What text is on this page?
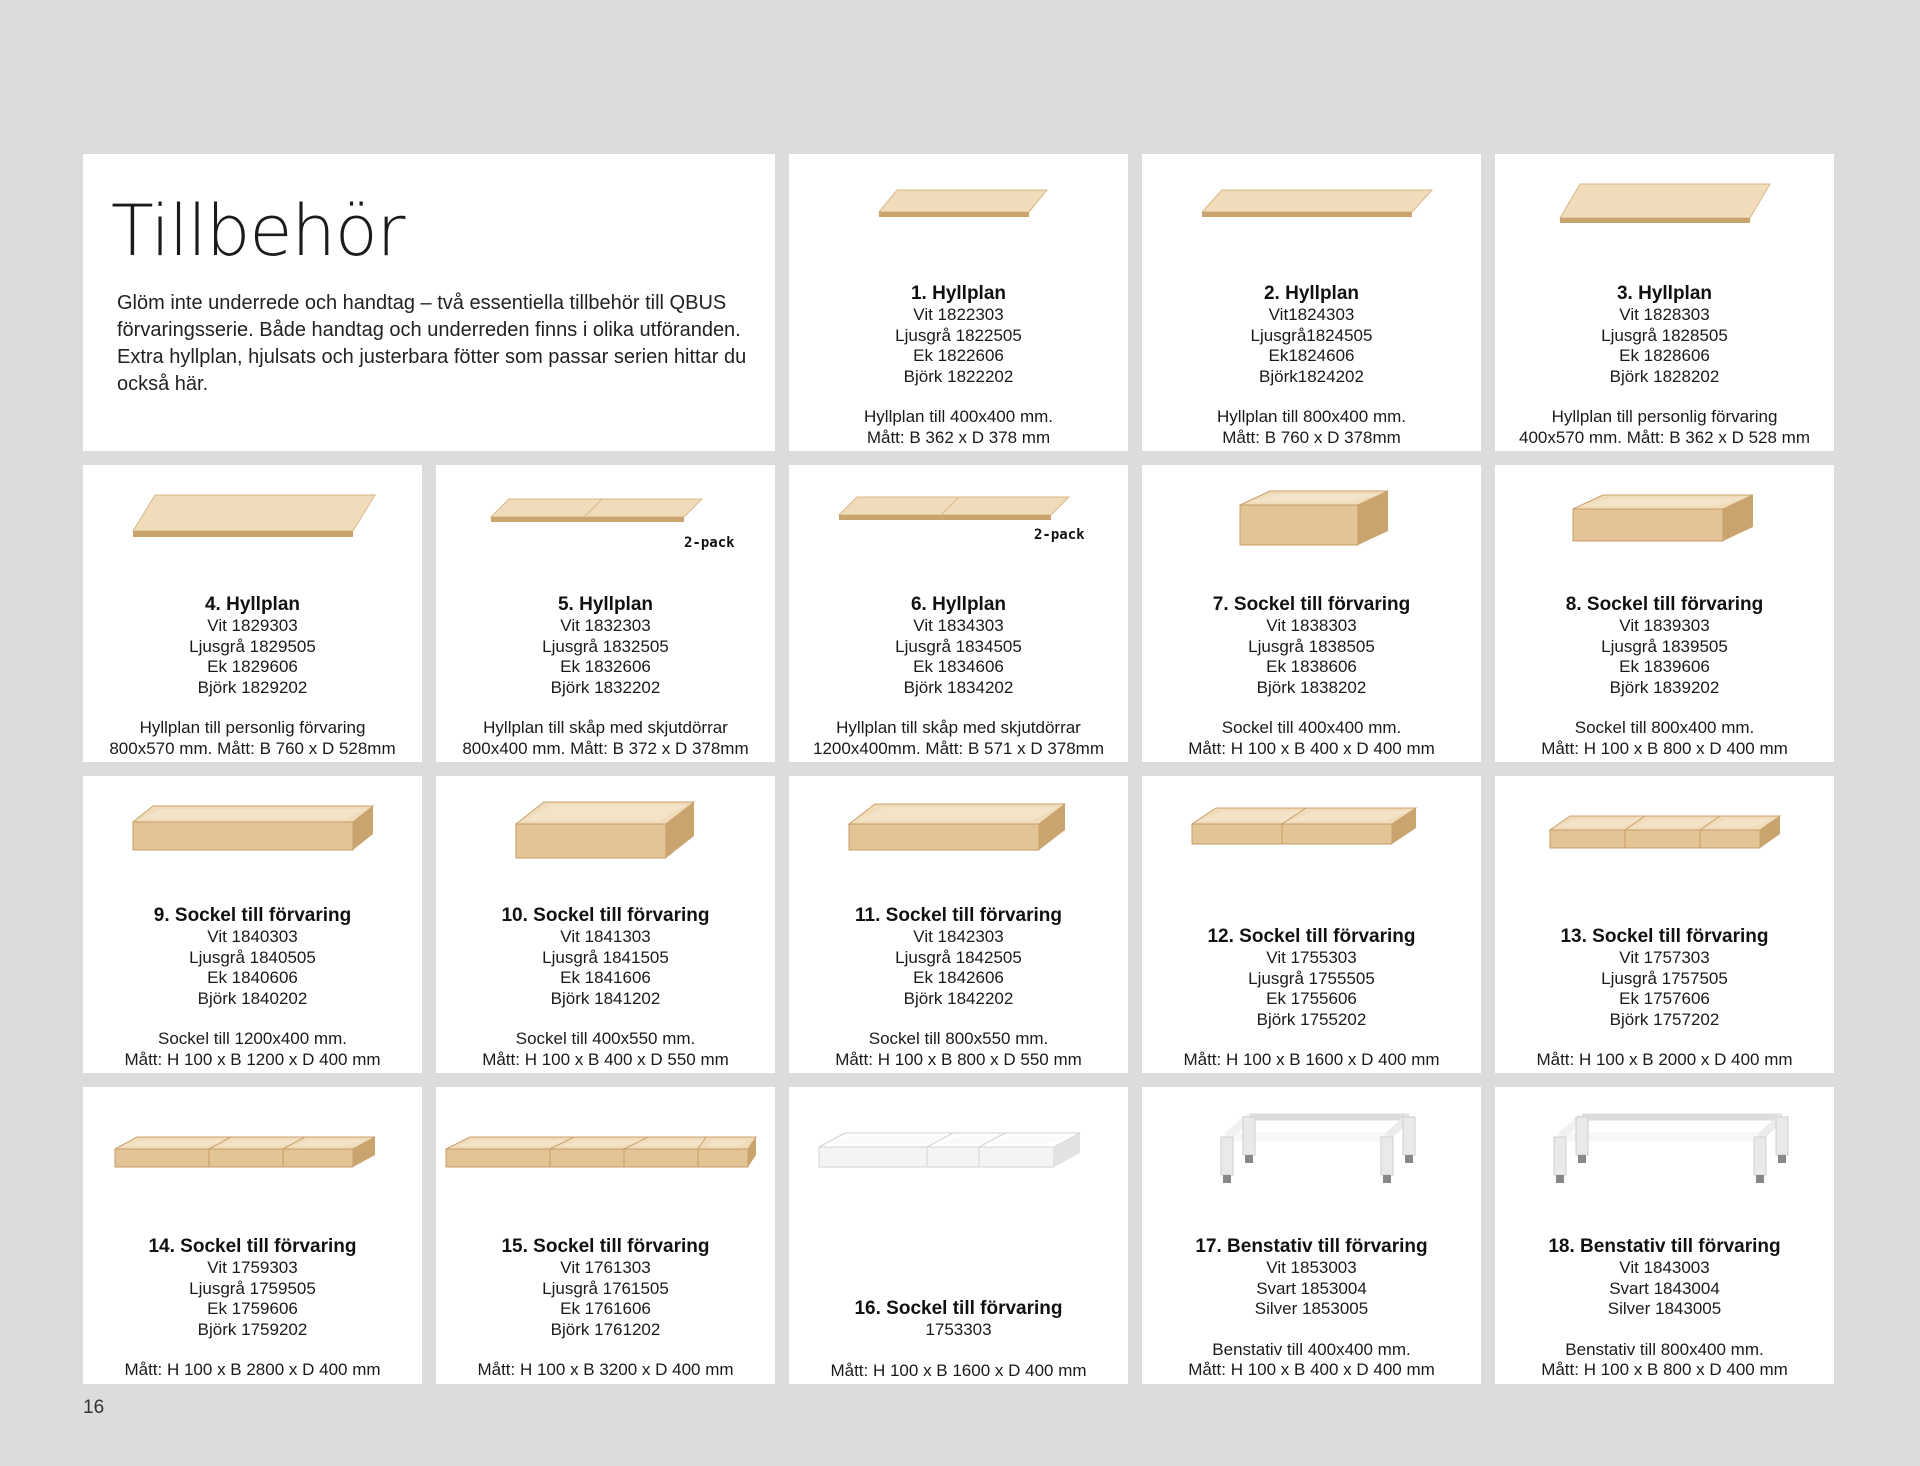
Tillbehör

Glöm inte underrede och handtag – två essentiella tillbehör till QBUS förvaringsserie. Både handtag och underreden finns i olika utföranden. Extra hyllplan, hjulsats och justerbara fötter som passar serien hittar du också här.

1. Hyllplan
Vit 1822303
Ljusgrå 1822505
Ek 1822606
Björk 1822202
Hyllplan till 400x400 mm.
Mått: B 362 x D 378 mm
2. Hyllplan
Vit1824303
Ljusgrå1824505
Ek1824606
Björk1824202
Hyllplan till 800x400 mm.
Mått: B 760 x D 378mm
3. Hyllplan
Vit 1828303
Ljusgrå 1828505
Ek 1828606
Björk 1828202
Hyllplan till personlig förvaring
400x570 mm. Mått: B 362 x D 528 mm
4. Hyllplan
Vit 1829303
Ljusgrå 1829505
Ek 1829606
Björk 1829202
Hyllplan till personlig förvaring
800x570 mm. Mått: B 760 x D 528mm
2-pack
5. Hyllplan
Vit 1832303
Ljusgrå 1832505
Ek 1832606
Björk 1832202
Hyllplan till skåp med skjutdörrar
800x400 mm. Mått: B 372 x D 378mm
2-pack
6. Hyllplan
Vit 1834303
Ljusgrå 1834505
Ek 1834606
Björk 1834202
Hyllplan till skåp med skjutdörrar
1200x400mm. Mått: B 571 x D 378mm
7. Sockel till förvaring
Vit 1838303
Ljusgrå 1838505
Ek 1838606
Björk 1838202
Sockel till 400x400 mm.
Mått: H 100 x B 400 x D 400 mm
8. Sockel till förvaring
Vit 1839303
Ljusgrå 1839505
Ek 1839606
Björk 1839202
Sockel till 800x400 mm.
Mått: H 100 x B 800 x D 400 mm
9. Sockel till förvaring
Vit 1840303
Ljusgrå 1840505
Ek 1840606
Björk 1840202
Sockel till 1200x400 mm.
Mått: H 100 x B 1200 x D 400 mm
10. Sockel till förvaring
Vit 1841303
Ljusgrå 1841505
Ek 1841606
Björk 1841202
Sockel till 400x550 mm.
Mått: H 100 x B 400 x D 550 mm
11. Sockel till förvaring
Vit 1842303
Ljusgrå 1842505
Ek 1842606
Björk 1842202
Sockel till 800x550 mm.
Mått: H 100 x B 800 x D 550 mm
12. Sockel till förvaring
Vit 1755303
Ljusgrå 1755505
Ek 1755606
Björk 1755202
Mått: H 100 x B 1600 x D 400 mm
13. Sockel till förvaring
Vit 1757303
Ljusgrå 1757505
Ek 1757606
Björk 1757202
Mått: H 100 x B 2000 x D 400 mm
14. Sockel till förvaring
Vit 1759303
Ljusgrå 1759505
Ek 1759606
Björk 1759202
Mått: H 100 x B 2800 x D 400 mm
15. Sockel till förvaring
Vit 1761303
Ljusgrå 1761505
Ek 1761606
Björk 1761202
Mått: H 100 x B 3200 x D 400 mm
16. Sockel till förvaring
1753303
Mått: H 100 x B 1600 x D 400 mm
17. Benstativ till förvaring
Vit 1853003
Svart 1853004
Silver 1853005
Benstativ till 400x400 mm.
Mått: H 100 x B 400 x D 400 mm
18. Benstativ till förvaring
Vit 1843003
Svart 1843004
Silver 1843005
Benstativ till 800x400 mm.
Mått: H 100 x B 800 x D 400 mm
16
